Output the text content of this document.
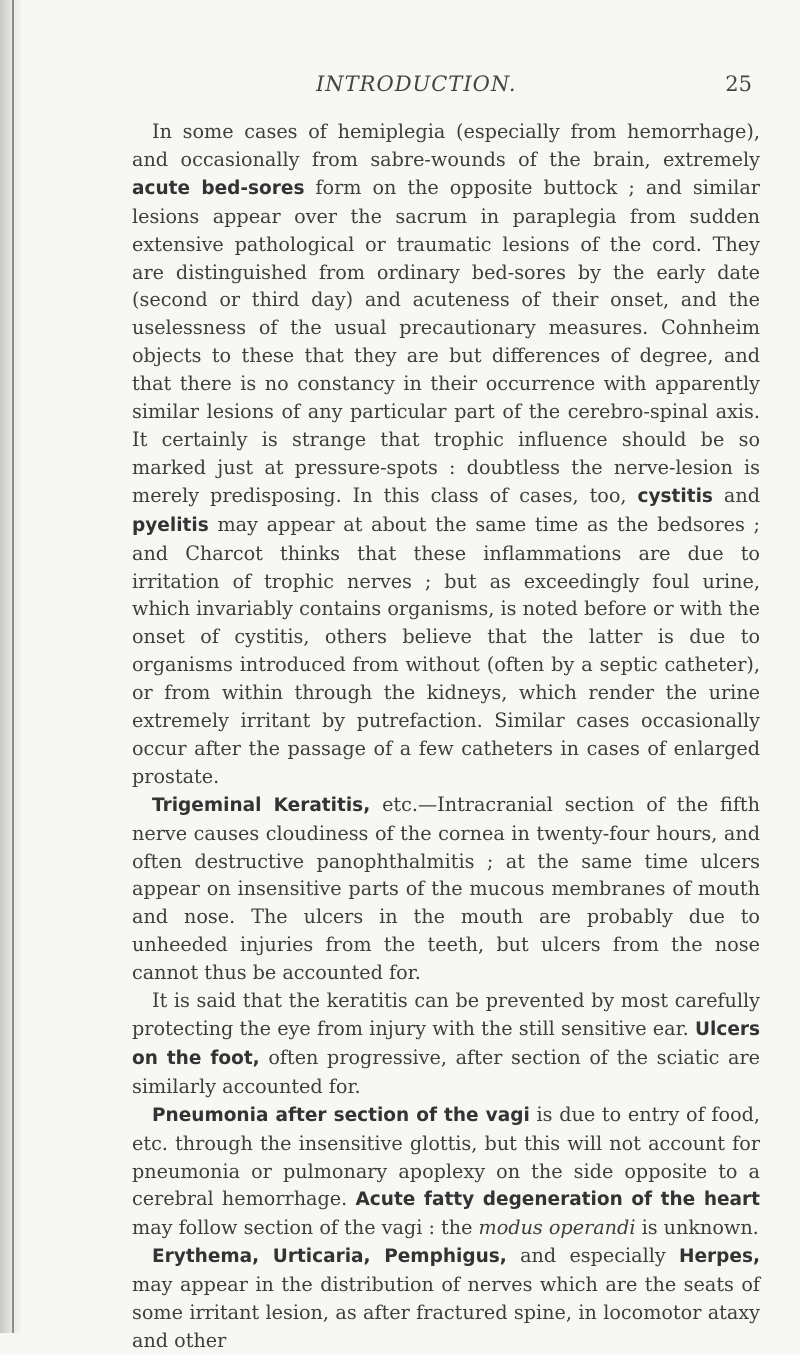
INTRODUCTION.	25

In some cases of hemiplegia (especially from hemorrhage), and occasionally from sabre-wounds of the brain, extremely acute bed-sores form on the opposite buttock ; and similar lesions appear over the sacrum in paraplegia from sudden extensive pathological or traumatic lesions of the cord. They are distinguished from ordinary bed-sores by the early date (second or third day) and acuteness of their onset, and the uselessness of the usual precautionary measures. Cohnheim objects to these that they are but differences of degree, and that there is no constancy in their occurrence with apparently similar lesions of any particular part of the cerebro-spinal axis. It certainly is strange that trophic influence should be so marked just at pressure-spots : doubtless the nerve-lesion is merely predisposing. In this class of cases, too, cystitis and pyelitis may appear at about the same time as the bedsores ; and Charcot thinks that these inflammations are due to irritation of trophic nerves ; but as exceedingly foul urine, which invariably contains organisms, is noted before or with the onset of cystitis, others believe that the latter is due to organisms introduced from without (often by a septic catheter), or from within through the kidneys, which render the urine extremely irritant by putrefaction. Similar cases occasionally occur after the passage of a few catheters in cases of enlarged prostate.

Trigeminal Keratitis, etc.—Intracranial section of the fifth nerve causes cloudiness of the cornea in twenty-four hours, and often destructive panophthalmitis ; at the same time ulcers appear on insensitive parts of the mucous membranes of mouth and nose. The ulcers in the mouth are probably due to unheeded injuries from the teeth, but ulcers from the nose cannot thus be accounted for.

It is said that the keratitis can be prevented by most carefully protecting the eye from injury with the still sensitive ear. Ulcers on the foot, often progressive, after section of the sciatic are similarly accounted for.

Pneumonia after section of the vagi is due to entry of food, etc. through the insensitive glottis, but this will not account for pneumonia or pulmonary apoplexy on the side opposite to a cerebral hemorrhage. Acute fatty degeneration of the heart may follow section of the vagi : the modus operandi is unknown.

Erythema, Urticaria, Pemphigus, and especially Herpes, may appear in the distribution of nerves which are the seats of some irritant lesion, as after fractured spine, in locomotor ataxy and other
